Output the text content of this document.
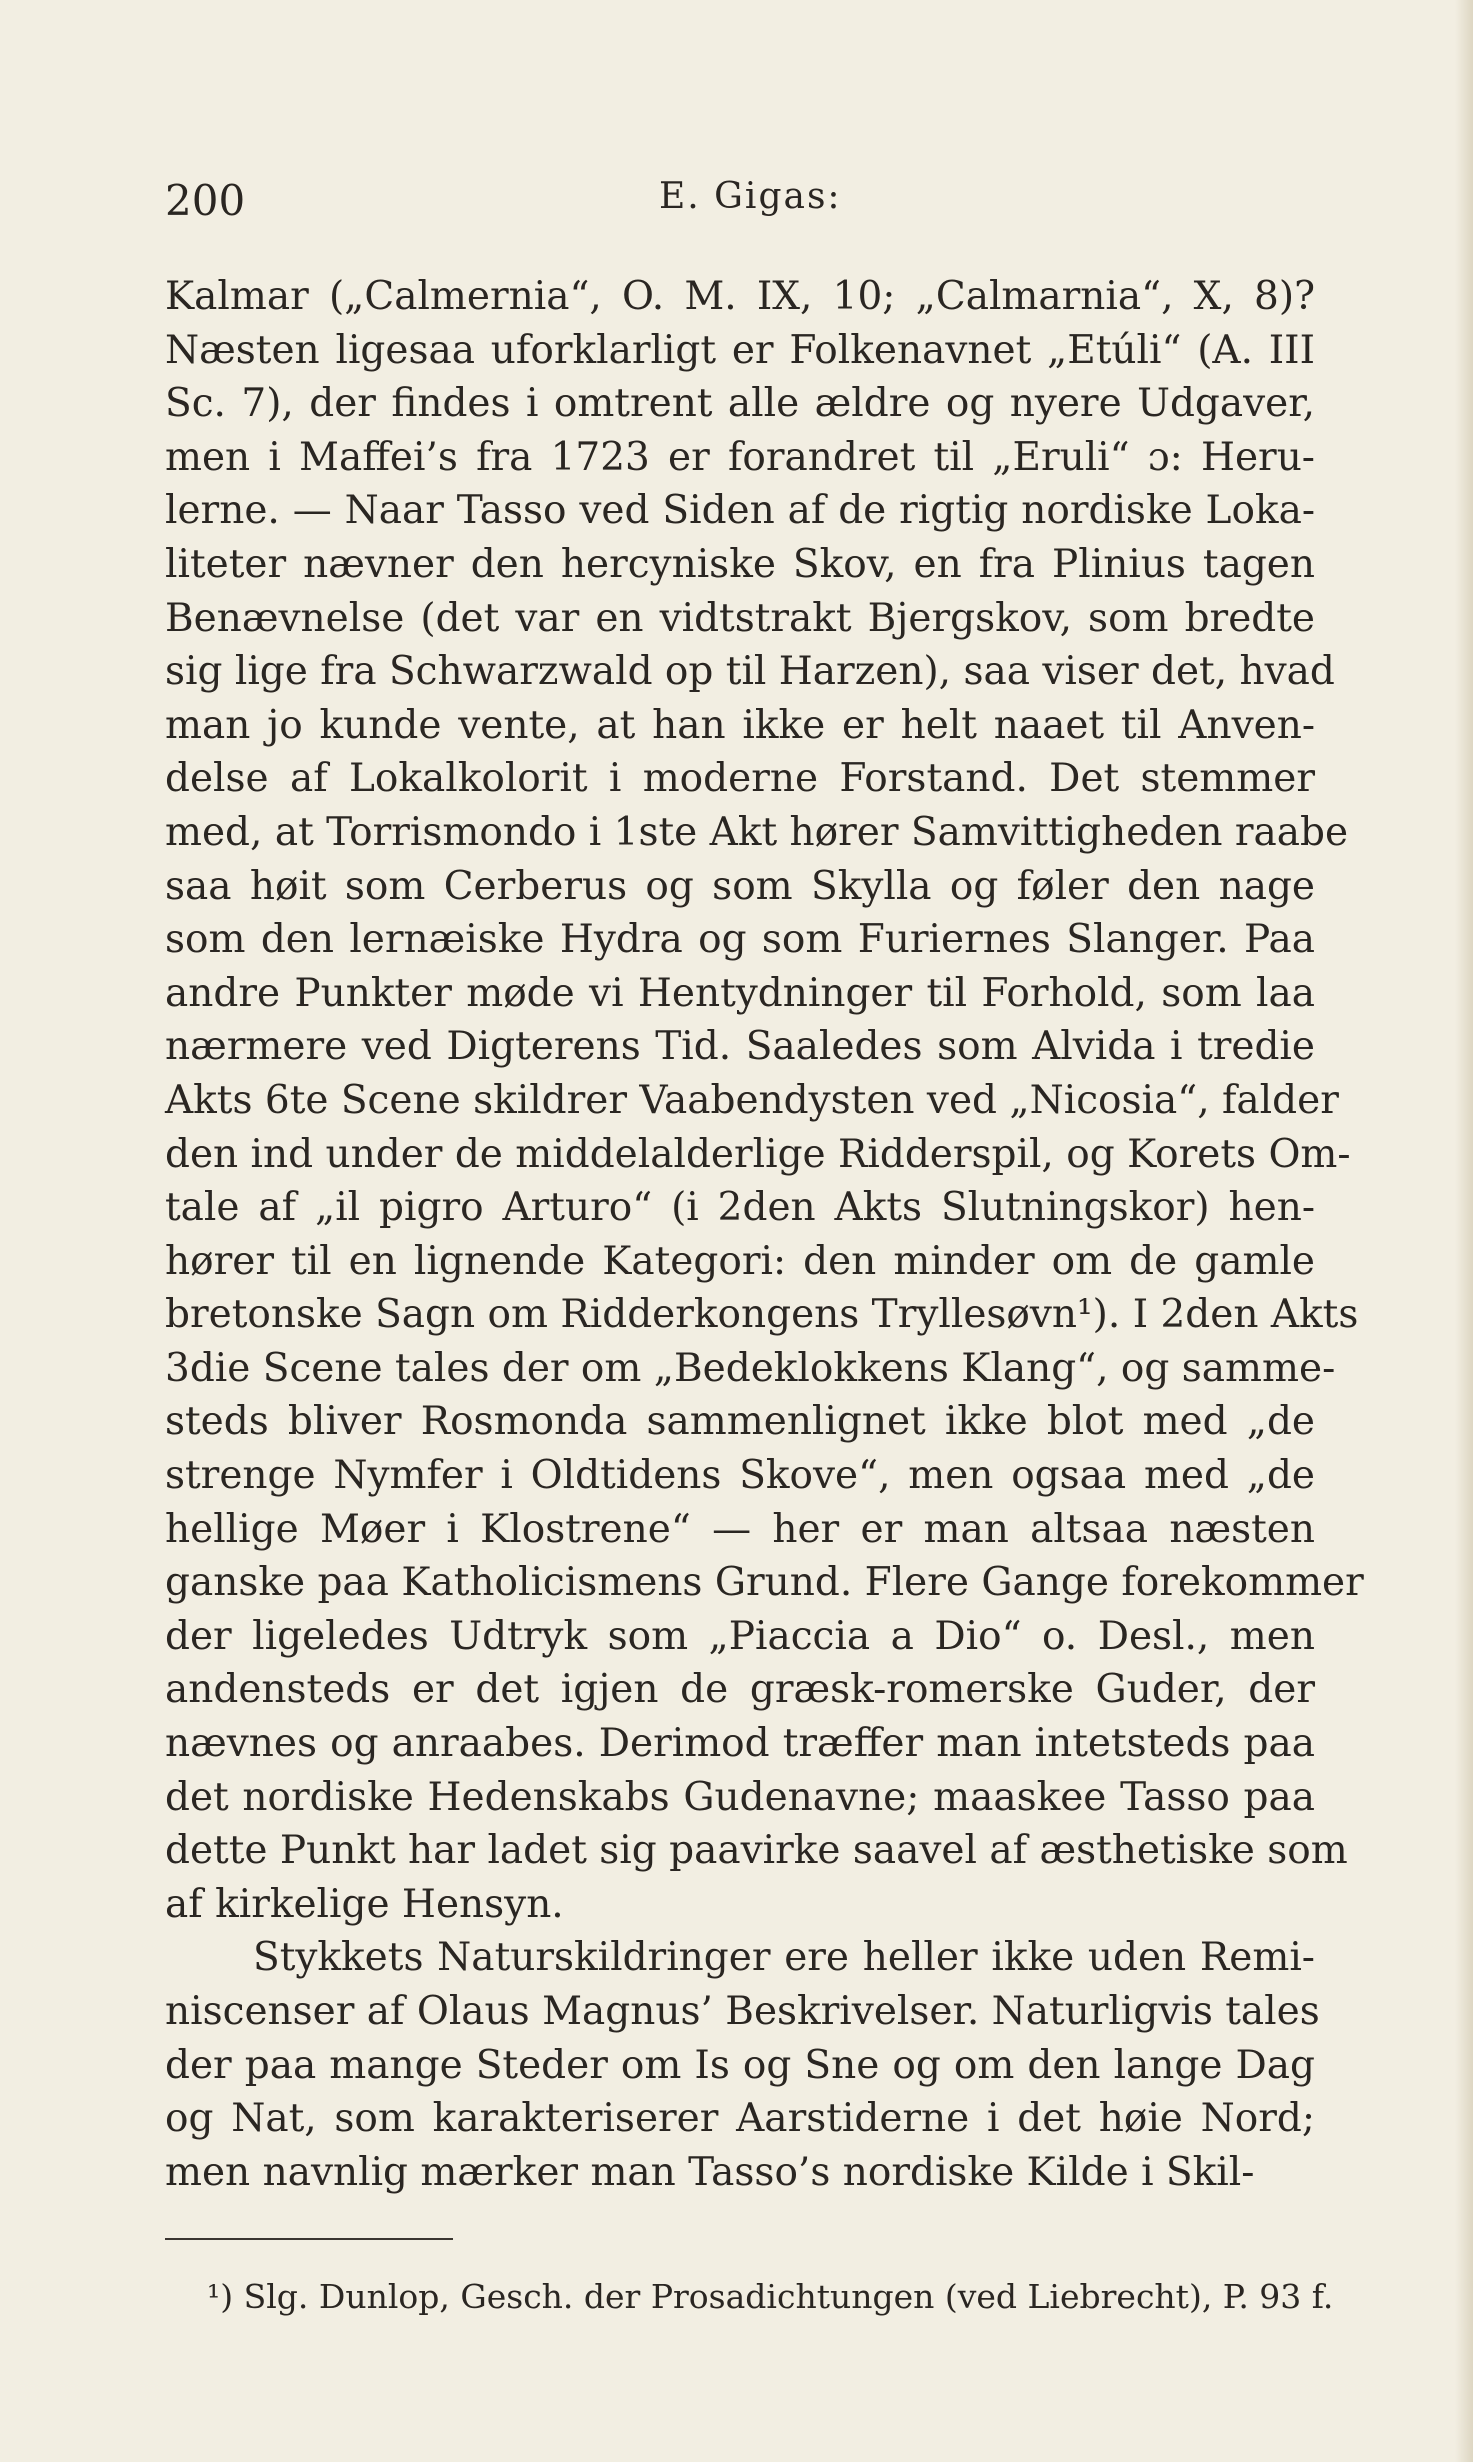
200	E. Gigas:
Kalmar („Calmernia“, O. M. IX, 10; „Calmarnia“, X, 8)?
Næsten ligesaa uforklarligt er Folkenavnet „Etúli“ (A. III
Sc. 7), der findes i omtrent alle ældre og nyere Udgaver,
men i Maffei’s fra 1723 er forandret til „Eruli“ ɔ: Heru-
lerne. — Naar Tasso ved Siden af de rigtig nordiske Loka-
liteter nævner den hercyniske Skov, en fra Plinius tagen
Benævnelse (det var en vidtstrakt Bjergskov, som bredte
sig lige fra Schwarzwald op til Harzen), saa viser det, hvad
man jo kunde vente, at han ikke er helt naaet til Anven-
delse af Lokalkolorit i moderne Forstand. Det stemmer
med, at Torrismondo i 1ste Akt hører Samvittigheden raabe
saa høit som Cerberus og som Skylla og føler den nage
som den lernæiske Hydra og som Furiernes Slanger. Paa
andre Punkter møde vi Hentydninger til Forhold, som laa
nærmere ved Digterens Tid. Saaledes som Alvida i tredie
Akts 6te Scene skildrer Vaabendysten ved „Nicosia“, falder
den ind under de middelalderlige Ridderspil, og Korets Om-
tale af „il pigro Arturo“ (i 2den Akts Slutningskor) hen-
hører til en lignende Kategori: den minder om de gamle
bretonske Sagn om Ridderkongens Tryllesøvn¹). I 2den Akts
3die Scene tales der om „Bedeklokkens Klang“, og samme-
steds bliver Rosmonda sammenlignet ikke blot med „de
strenge Nymfer i Oldtidens Skove“, men ogsaa med „de
hellige Møer i Klostrene“ — her er man altsaa næsten
ganske paa Katholicismens Grund. Flere Gange forekommer
der ligeledes Udtryk som „Piaccia a Dio“ o. Desl., men
andensteds er det igjen de græsk-romerske Guder, der
nævnes og anraabes. Derimod træffer man intetsteds paa
det nordiske Hedenskabs Gudenavne; maaskee Tasso paa
dette Punkt har ladet sig paavirke saavel af æsthetiske som
af kirkelige Hensyn.
Stykkets Naturskildringer ere heller ikke uden Remi-
niscenser af Olaus Magnus’ Beskrivelser. Naturligvis tales
der paa mange Steder om Is og Sne og om den lange Dag
og Nat, som karakteriserer Aarstiderne i det høie Nord;
men navnlig mærker man Tasso’s nordiske Kilde i Skil-
¹) Slg. Dunlop, Gesch. der Prosadichtungen (ved Liebrecht), P. 93 f.
